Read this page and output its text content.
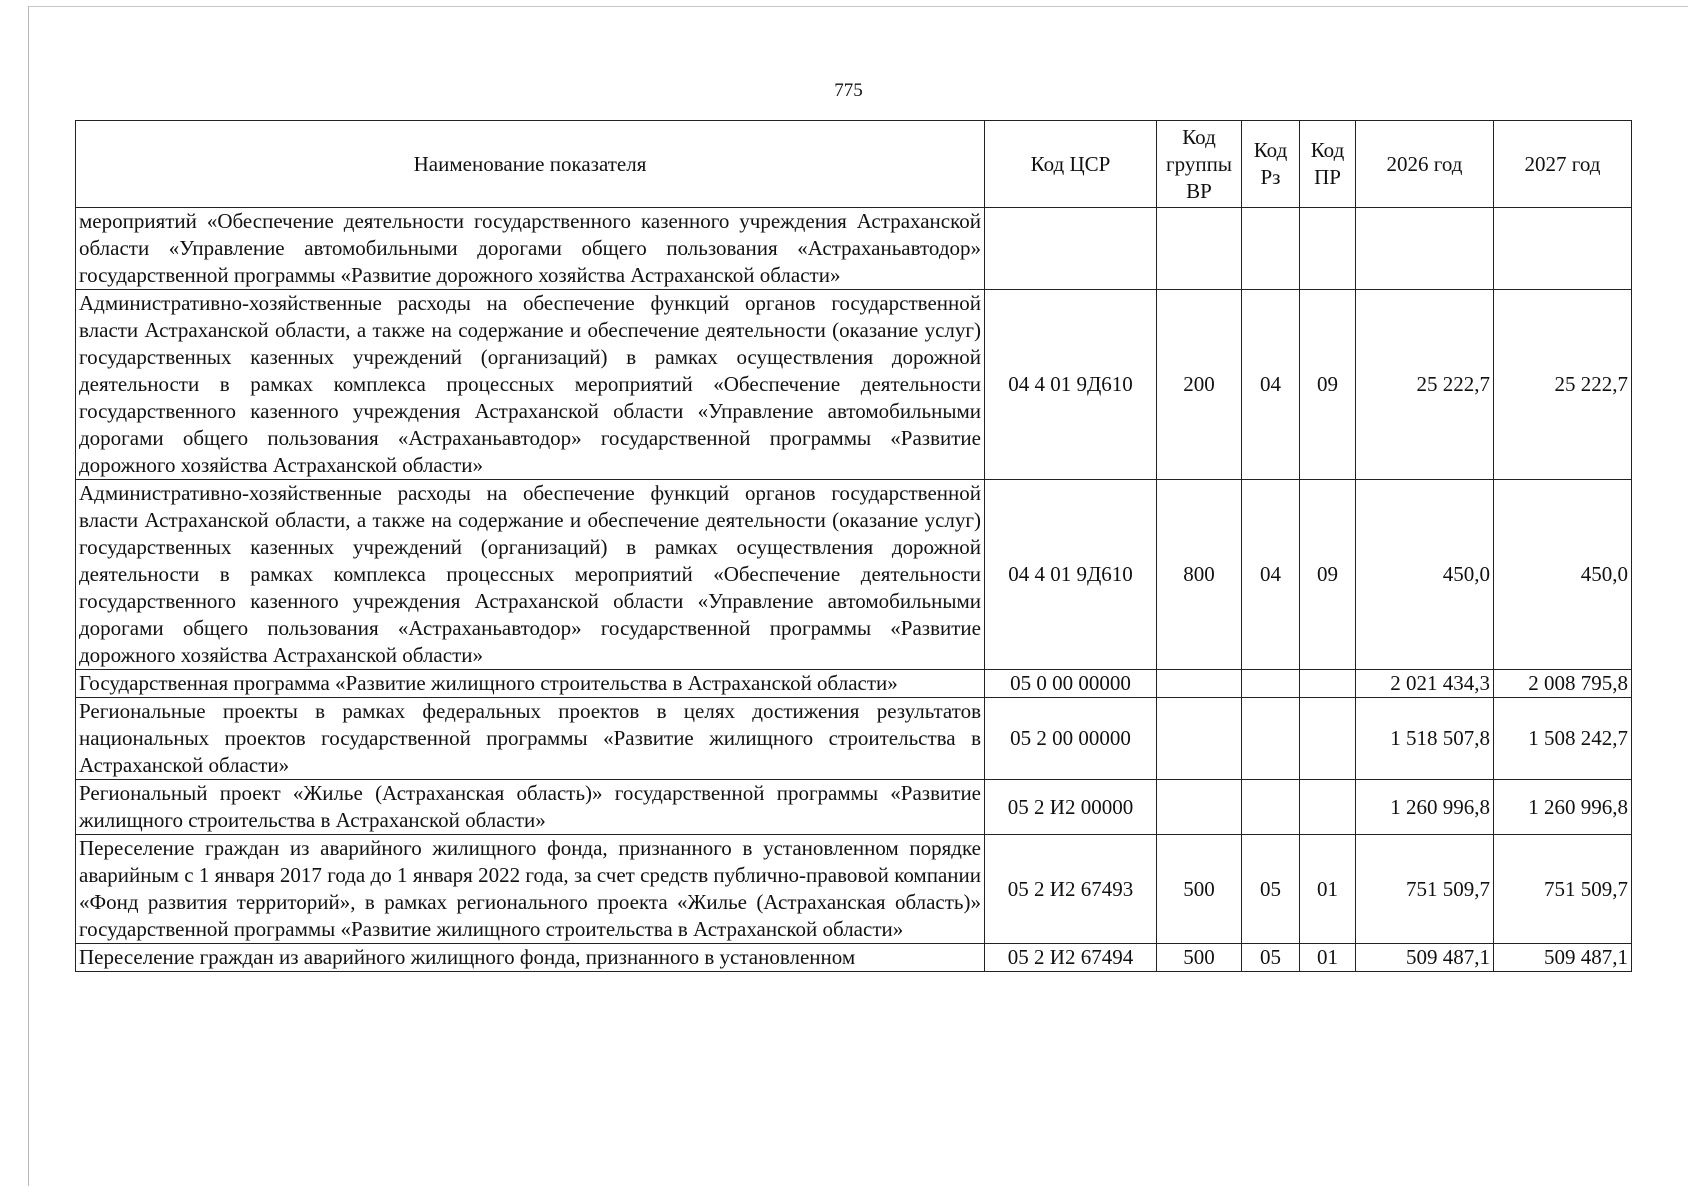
775
Наименование показателя	Код ЦСР	Код группы ВР	Код Рз	Код ПР	2026 год	2027 год
мероприятий «Обеспечение деятельности государственного казенного учреждения Астраханской области «Управление автомобильными дорогами общего пользования «Астраханьавтодор» государственной программы «Развитие дорожного хозяйства Астраханской области»						
Административно-хозяйственные расходы на обеспечение функций органов государственной власти Астраханской области, а также на содержание и обеспечение деятельности (оказание услуг) государственных казенных учреждений (организаций) в рамках осуществления дорожной деятельности в рамках комплекса процессных мероприятий «Обеспечение деятельности государственного казенного учреждения Астраханской области «Управление автомобильными дорогами общего пользования «Астраханьавтодор» государственной программы «Развитие дорожного хозяйства Астраханской области»	04 4 01 9Д610	200	04	09	25 222,7	25 222,7
Административно-хозяйственные расходы на обеспечение функций органов государственной власти Астраханской области, а также на содержание и обеспечение деятельности (оказание услуг) государственных казенных учреждений (организаций) в рамках осуществления дорожной деятельности в рамках комплекса процессных мероприятий «Обеспечение деятельности государственного казенного учреждения Астраханской области «Управление автомобильными дорогами общего пользования «Астраханьавтодор» государственной программы «Развитие дорожного хозяйства Астраханской области»	04 4 01 9Д610	800	04	09	450,0	450,0
Государственная программа «Развитие жилищного строительства в Астраханской области»	05 0 00 00000				2 021 434,3	2 008 795,8
Региональные проекты в рамках федеральных проектов в целях достижения результатов национальных проектов государственной программы «Развитие жилищного строительства в Астраханской области»	05 2 00 00000				1 518 507,8	1 508 242,7
Региональный проект «Жилье (Астраханская область)» государственной программы «Развитие жилищного строительства в Астраханской области»	05 2 И2 00000				1 260 996,8	1 260 996,8
Переселение граждан из аварийного жилищного фонда, признанного в установленном порядке аварийным с 1 января 2017 года до 1 января 2022 года, за счет средств публично-правовой компании «Фонд развития территорий», в рамках регионального проекта «Жилье (Астраханская область)» государственной программы «Развитие жилищного строительства в Астраханской области»	05 2 И2 67493	500	05	01	751 509,7	751 509,7
Переселение граждан из аварийного жилищного фонда, признанного в установленном	05 2 И2 67494	500	05	01	509 487,1	509 487,1
